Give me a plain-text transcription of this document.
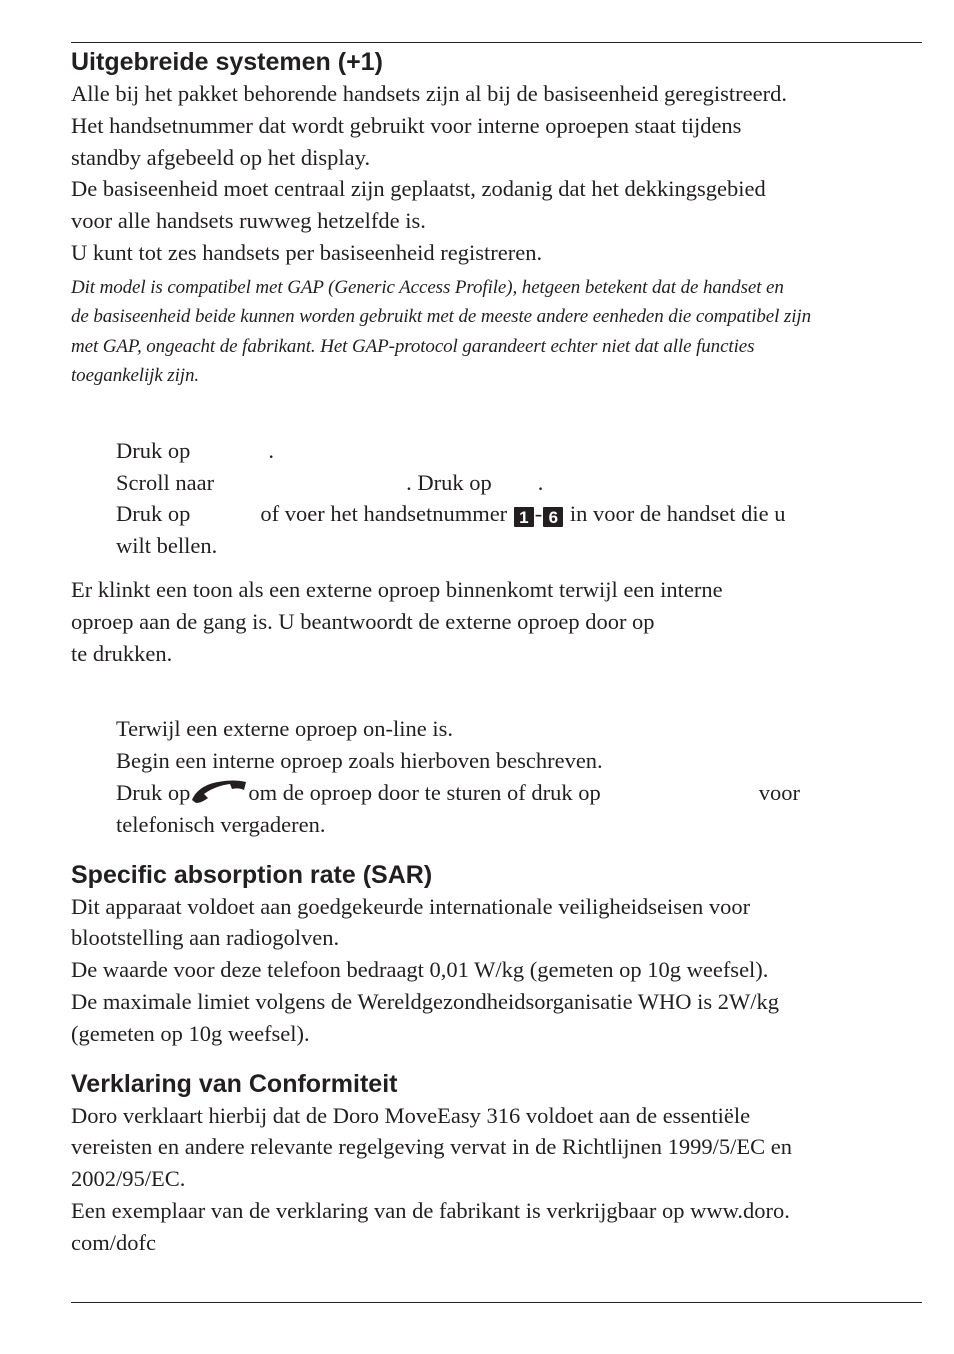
Uitgebreide systemen (+1)

Alle bij het pakket behorende handsets zijn al bij de basiseenheid geregistreerd.

Het handsetnummer dat wordt gebruikt voor interne oproepen staat tijdens

standby afgebeeld op het display.

De basiseenheid moet centraal zijn geplaatst, zodanig dat het dekkingsgebied

voor alle handsets ruwweg hetzelfde is.

U kunt tot zes handsets per basiseenheid registreren.

Dit model is compatibel met GAP (Generic Access Profile), hetgeen betekent dat de handset en

de basiseenheid beide kunnen worden gebruikt met de meeste andere eenheden die compatibel zijn

met GAP, ongeacht de fabrikant. Het GAP-protocol garandeert echter niet dat alle functies

toegankelijk zijn.

Druk op	.

Scroll naar	. Druk op .

Druk op	of voer het handsetnummer 1 - 6 in voor de handset die u

wilt bellen.

Er klinkt een toon als een externe oproep binnenkomt terwijl een interne

oproep aan de gang is. U beantwoordt de externe oproep door op

te drukken.

Terwijl een externe oproep on-line is.

Begin een interne oproep zoals hierboven beschreven.

Druk op	om de oproep door te sturen of druk op	voor

telefonisch vergaderen.

Specific absorption rate (SAR)

Dit apparaat voldoet aan goedgekeurde internationale veiligheidseisen voor

blootstelling aan radiogolven.

De waarde voor deze telefoon bedraagt 0,01 W/kg (gemeten op 10g weefsel).

De maximale limiet volgens de Wereldgezondheidsorganisatie WHO is 2W/kg

(gemeten op 10g weefsel).

Verklaring van Conformiteit

Doro verklaart hierbij dat de Doro MoveEasy 316 voldoet aan de essentiële

vereisten en andere relevante regelgeving vervat in de Richtlijnen 1999/5/EC en

2002/95/EC.

Een exemplaar van de verklaring van de fabrikant is verkrijgbaar op www.doro.

com/dofc
